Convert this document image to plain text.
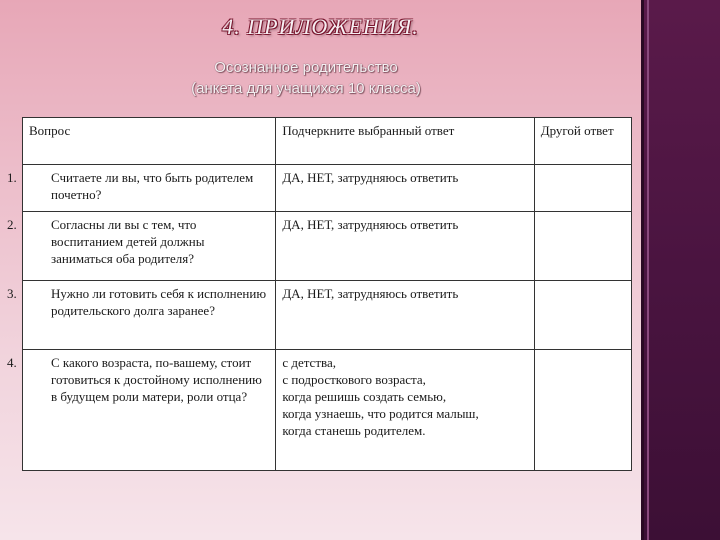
4. ПРИЛОЖЕНИЯ.
Осознанное родительство
(анкета для учащихся 10 класса)
Вопрос	Подчеркните выбранный ответ	Другой ответ

1. Считаете ли вы, что быть родителем почетно?	ДА, НЕТ, затрудняюсь ответить	

2. Согласны ли вы с тем, что воспитанием детей должны заниматься оба родителя?	ДА, НЕТ, затрудняюсь ответить	

3. Нужно ли готовить себя к исполнению родительского долга заранее?	ДА, НЕТ, затрудняюсь ответить	

4. С какого возраста, по-вашему, стоит готовиться к достойному исполнению в будущем роли матери, роли отца?	с детства,
с подросткового возраста,
когда решишь создать семью,
когда узнаешь, что родится малыш,
когда станешь родителем.	
